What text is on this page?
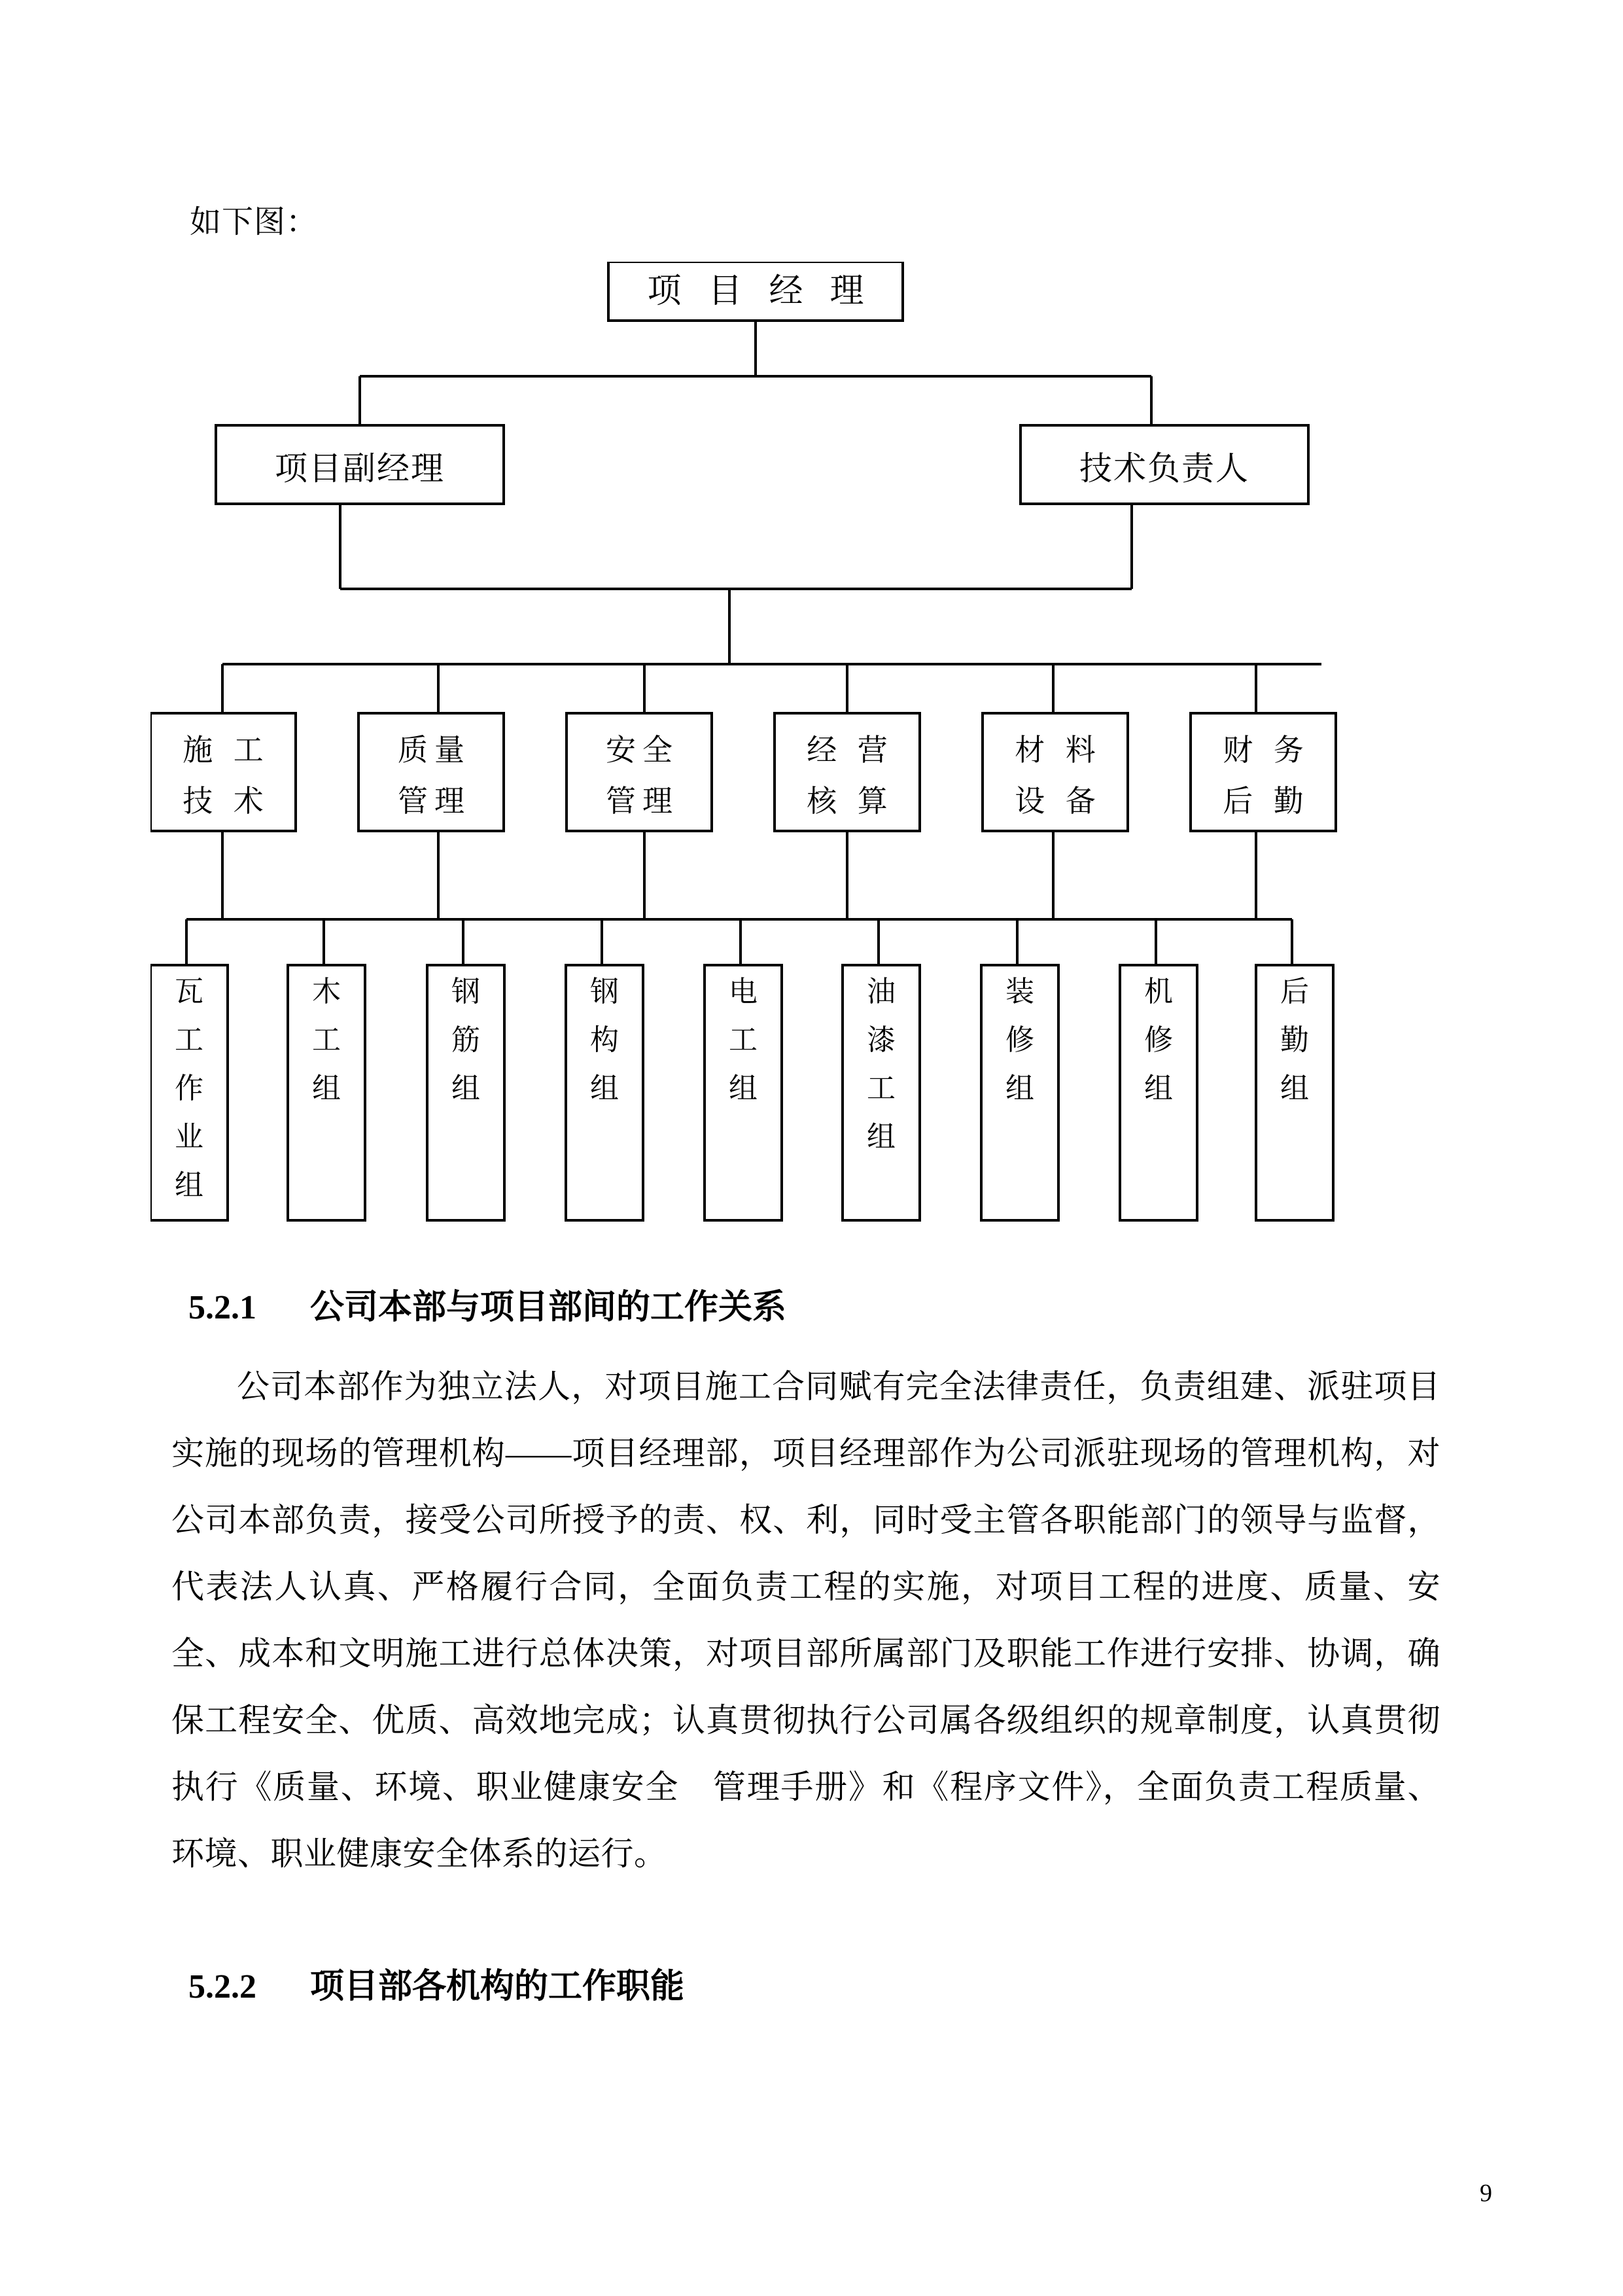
如下图：
项 目 经 理
项目副经理	技术负责人
施 工
技 术
质量
管理
安全
管理
经 营
核 算
材 料
设 备
财 务
后 勤
瓦工作业组
木工组
钢筋组
钢构组
电工组
油漆工组
装修组
机修组
后勤组
5.2.1 公司本部与项目部间的工作关系

公司本部作为独立法人，对项目施工合同赋有完全法律责任，负责组建、派驻项目实施的现场的管理机构——项目经理部，项目经理部作为公司派驻现场的管理机构，对公司本部负责，接受公司所授予的责、权、利，同时受主管各职能部门的领导与监督，代表法人认真、严格履行合同，全面负责工程的实施，对项目工程的进度、质量、安全、成本和文明施工进行总体决策，对项目部所属部门及职能工作进行安排、协调，确保工程安全、优质、高效地完成；认真贯彻执行公司属各级组织的规章制度，认真贯彻执行《质量、环境、职业健康安全　管理手册》和《程序文件》，全面负责工程质量、环境、职业健康安全体系的运行。

5.2.2 项目部各机构的工作职能
9
